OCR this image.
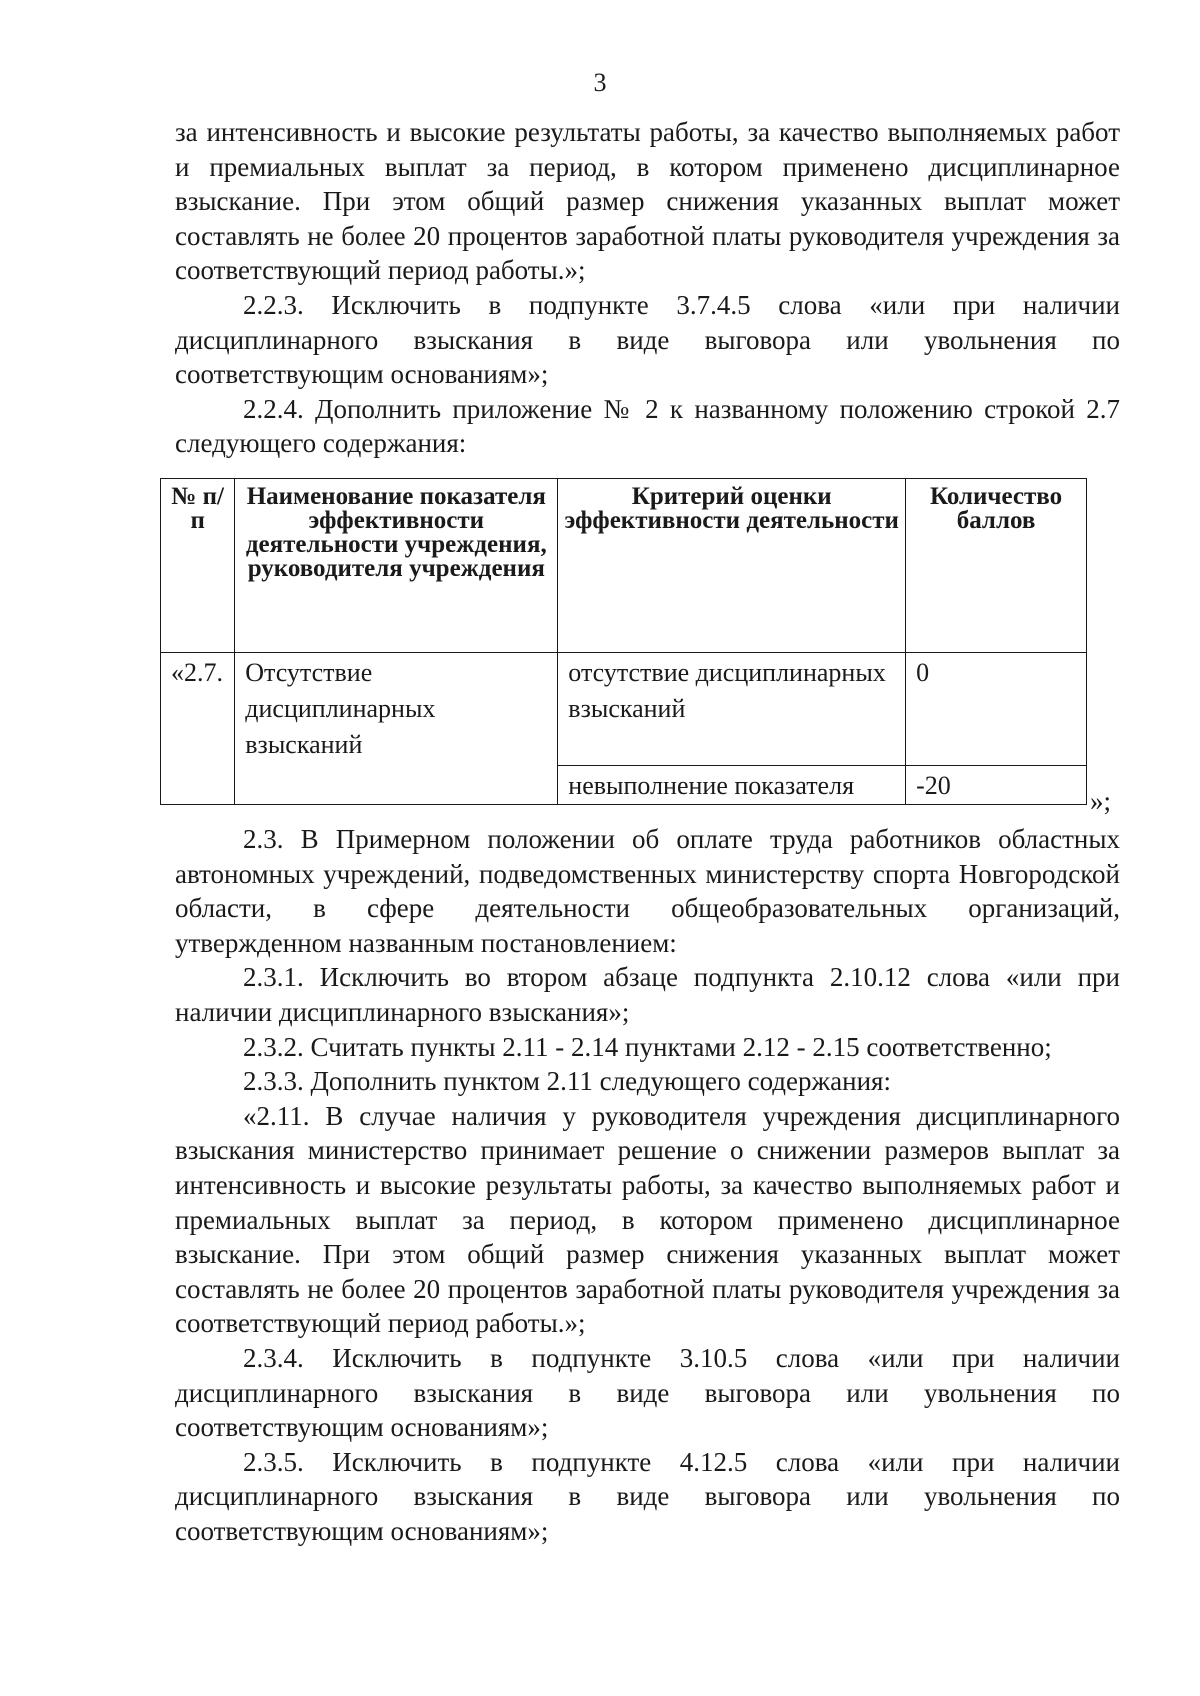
3

за интенсивность и высокие результаты работы, за качество выполняемых работ и премиальных выплат за период, в котором применено дисциплинарное взыскание. При этом общий размер снижения указанных выплат может составлять не более 20 процентов заработной платы руководителя учреждения за соответствующий период работы.»;

2.2.3. Исключить в подпункте 3.7.4.5 слова «или при наличии дисциплинарного взыскания в виде выговора или увольнения по соответствующим основаниям»;

2.2.4. Дополнить приложение № 2 к названному положению строкой 2.7 следующего содержания:

№ п/п	Наименование показателя эффективности деятельности учреждения, руководителя учреждения	Критерий оценки эффективности деятельности	Количество баллов
«2.7.	Отсутствие дисциплинарных взысканий	отсутствие дисциплинарных взысканий	0
		невыполнение показателя	-20
»;

2.3. В Примерном положении об оплате труда работников областных автономных учреждений, подведомственных министерству спорта Новгородской области, в сфере деятельности общеобразовательных организаций, утвержденном названным постановлением:

2.3.1. Исключить во втором абзаце подпункта 2.10.12 слова «или при наличии дисциплинарного взыскания»;

2.3.2. Считать пункты 2.11 - 2.14 пунктами 2.12 - 2.15 соответственно;

2.3.3. Дополнить пунктом 2.11 следующего содержания:

«2.11. В случае наличия у руководителя учреждения дисциплинарного взыскания министерство принимает решение о снижении размеров выплат за интенсивность и высокие результаты работы, за качество выполняемых работ и премиальных выплат за период, в котором применено дисциплинарное взыскание. При этом общий размер снижения указанных выплат может составлять не более 20 процентов заработной платы руководителя учреждения за соответствующий период работы.»;

2.3.4. Исключить в подпункте 3.10.5 слова «или при наличии дисциплинарного взыскания в виде выговора или увольнения по соответствующим основаниям»;

2.3.5. Исключить в подпункте 4.12.5 слова «или при наличии дисциплинарного взыскания в виде выговора или увольнения по соответствующим основаниям»;
